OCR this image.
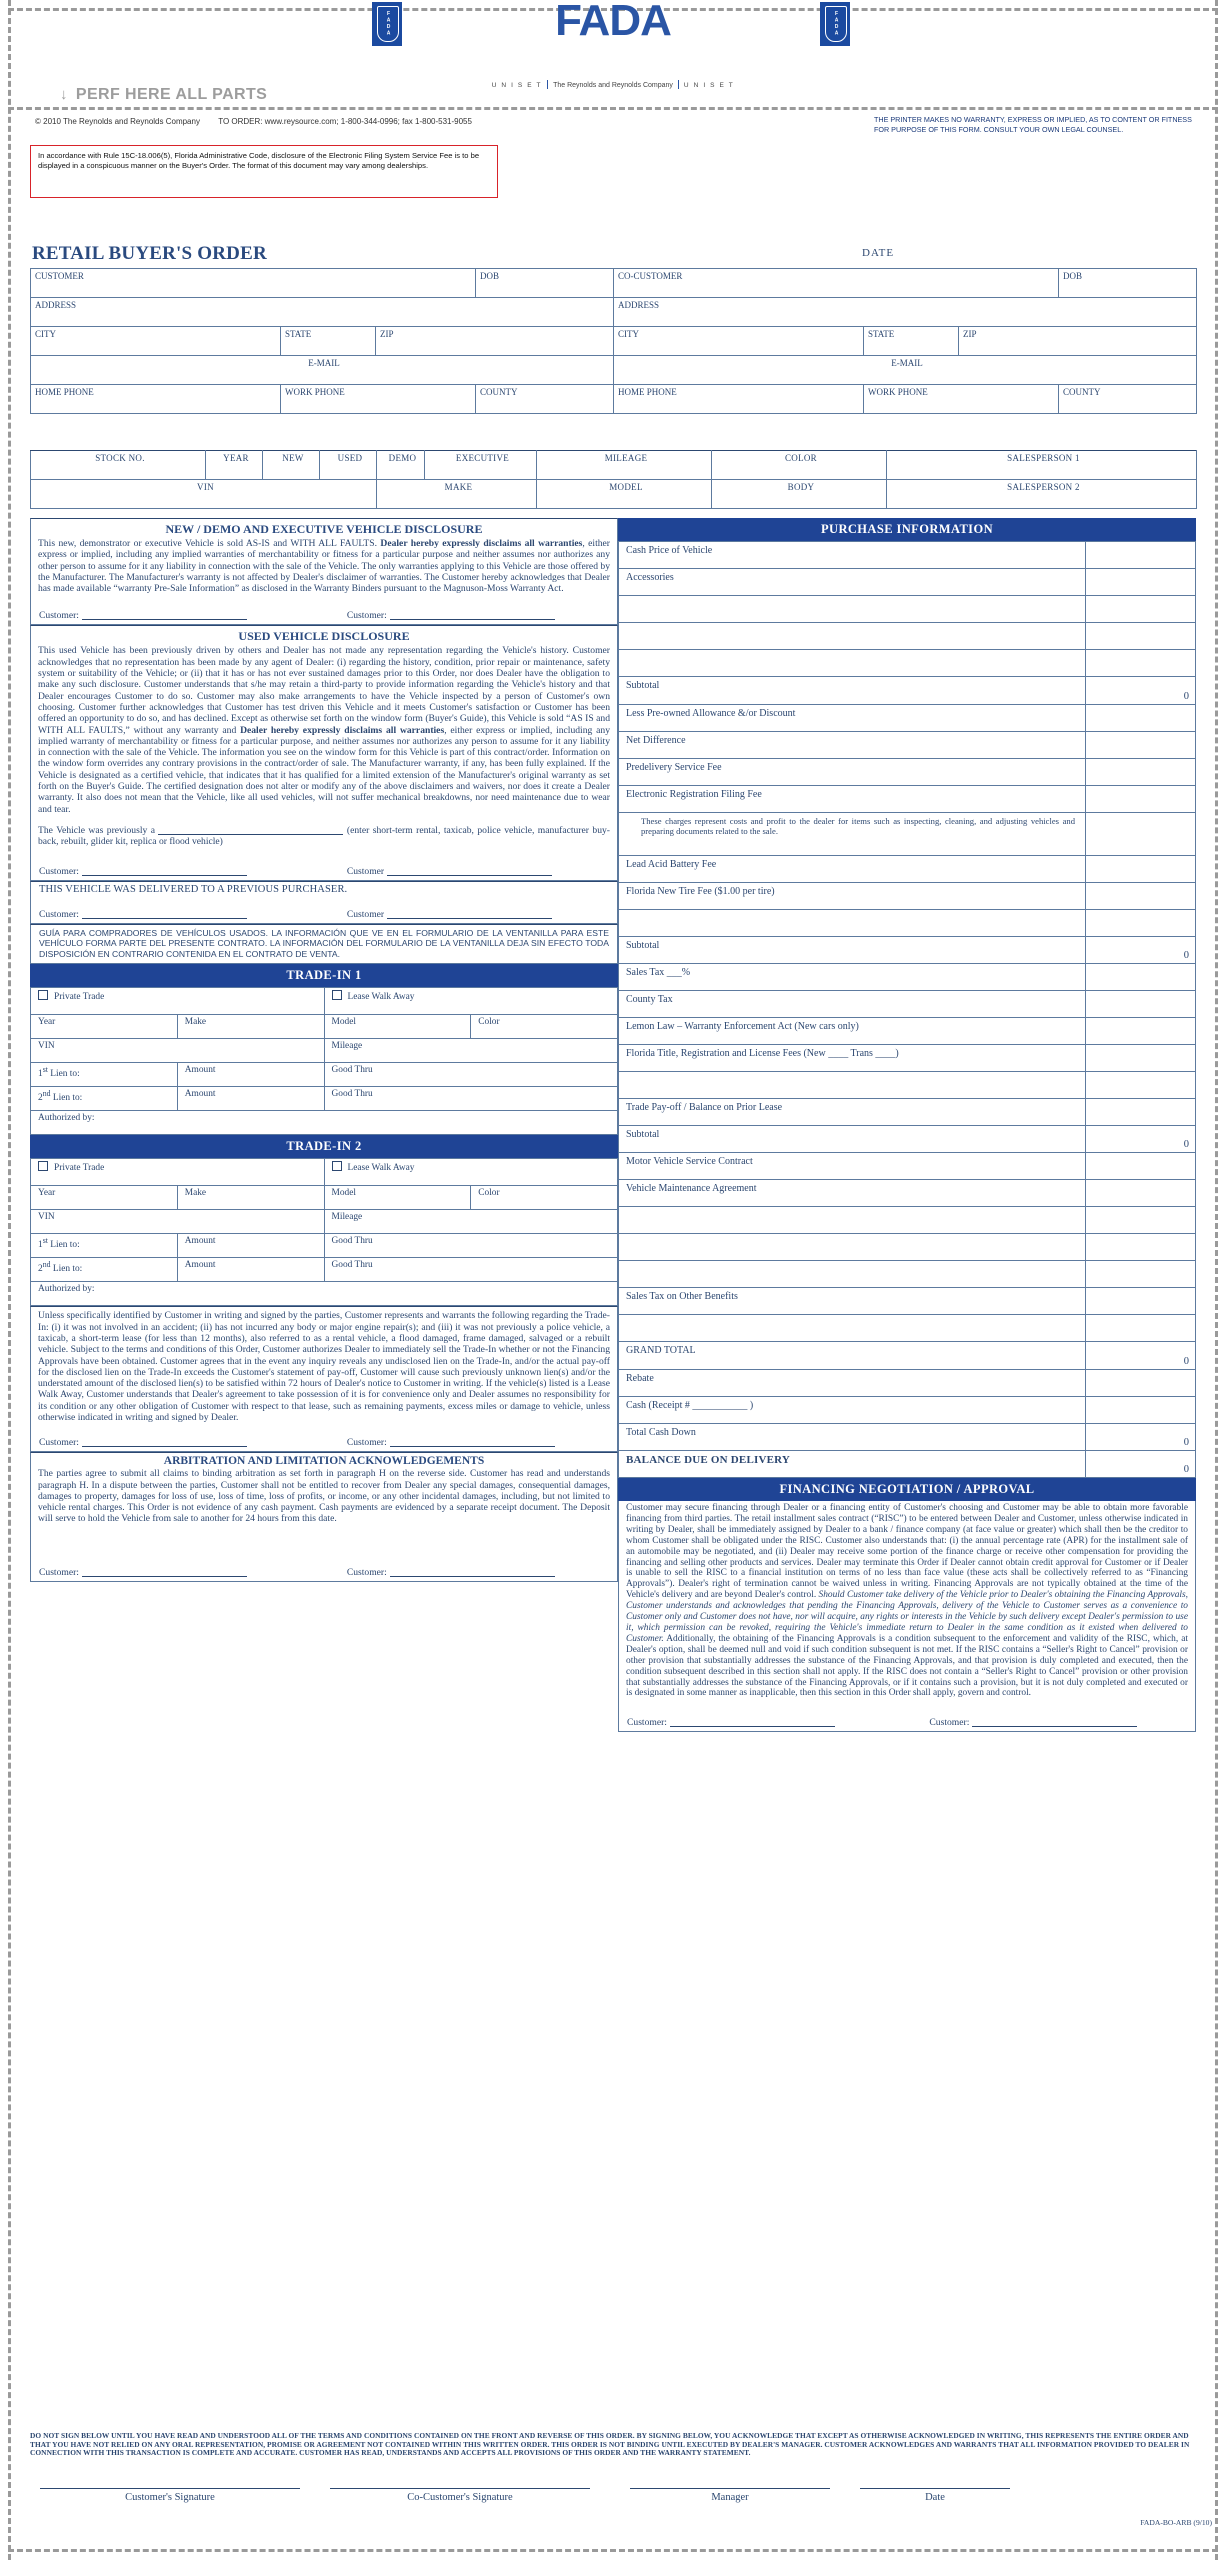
FADA
FADA	FADA
U N I S E T The Reynolds and Reynolds Company U N I S E T
↓ PERF HERE ALL PARTS
© 2010 The Reynolds and Reynolds Company TO ORDER: www.reysource.com; 1-800-344-0996; fax 1-800-531-9055	THE PRINTER MAKES NO WARRANTY, EXPRESS OR IMPLIED, AS TO CONTENT OR FITNESS FOR PURPOSE OF THIS FORM. CONSULT YOUR OWN LEGAL COUNSEL.
In accordance with Rule 15C-18.006(5), Florida Administrative Code, disclosure of the Electronic Filing System Service Fee is to be displayed in a conspicuous manner on the Buyer's Order. The format of this document may vary among dealerships.
RETAIL BUYER'S ORDER	DATE
CUSTOMER			DOB	CO-CUSTOMER			DOB
ADDRESS				ADDRESS			
CITY	STATE	ZIP		CITY	STATE	ZIP	
E-MAIL				E-MAIL			
HOME PHONE	WORK PHONE		COUNTY	HOME PHONE	WORK PHONE		COUNTY
STOCK NO.	YEAR	NEW	USED	DEMO	EXECUTIVE	MILEAGE	COLOR	SALESPERSON 1
VIN				MAKE		MODEL	BODY	SALESPERSON 2
NEW / DEMO AND EXECUTIVE VEHICLE DISCLOSURE
This new, demonstrator or executive Vehicle is sold AS-IS and WITH ALL FAULTS. Dealer hereby expressly disclaims all warranties, either express or implied, including any implied warranties of merchantability or fitness for a particular purpose and neither assumes nor authorizes any other person to assume for it any liability in connection with the sale of the Vehicle. The only warranties applying to this Vehicle are those offered by the Manufacturer. The Manufacturer's warranty is not affected by Dealer's disclaimer of warranties. The Customer hereby acknowledges that Dealer has made available “warranty Pre-Sale Information” as disclosed in the Warranty Binders pursuant to the Magnuson-Moss Warranty Act.
Customer:	Customer:
USED VEHICLE DISCLOSURE
This used Vehicle has been previously driven by others and Dealer has not made any representation regarding the Vehicle's history. Customer acknowledges that no representation has been made by any agent of Dealer: (i) regarding the history, condition, prior repair or maintenance, safety system or suitability of the Vehicle; or (ii) that it has or has not ever sustained damages prior to this Order, nor does Dealer have the obligation to make any such disclosure. Customer understands that s/he may retain a third-party to provide information regarding the Vehicle's history and that Dealer encourages Customer to do so. Customer may also make arrangements to have the Vehicle inspected by a person of Customer's own choosing. Customer further acknowledges that Customer has test driven this Vehicle and it meets Customer's satisfaction or Customer has been offered an opportunity to do so, and has declined. Except as otherwise set forth on the window form (Buyer's Guide), this Vehicle is sold “AS IS and WITH ALL FAULTS,” without any warranty and Dealer hereby expressly disclaims all warranties, either express or implied, including any implied warranty of merchantability or fitness for a particular purpose, and neither assumes nor authorizes any person to assume for it any liability in connection with the sale of the Vehicle. The information you see on the window form for this Vehicle is part of this contract/order. Information on the window form overrides any contrary provisions in the contract/order of sale. The Manufacturer warranty, if any, has been fully explained. If the Vehicle is designated as a certified vehicle, that indicates that it has qualified for a limited extension of the Manufacturer's original warranty as set forth on the Buyer's Guide. The certified designation does not alter or modify any of the above disclaimers and waivers, nor does it create a Dealer warranty. It also does not mean that the Vehicle, like all used vehicles, will not suffer mechanical breakdowns, nor need maintenance due to wear and tear.
The Vehicle was previously a	(enter short-term rental, taxicab, police vehicle, manufacturer buy-back, rebuilt, glider kit, replica or flood vehicle)
Customer:	Customer
THIS VEHICLE WAS DELIVERED TO A PREVIOUS PURCHASER.
Customer:	Customer
GUÍA PARA COMPRADORES DE VEHÍCULOS USADOS. LA INFORMACIÓN QUE VE EN EL FORMULARIO DE LA VENTANILLA PARA ESTE VEHÍCULO FORMA PARTE DEL PRESENTE CONTRATO. LA INFORMACIÓN DEL FORMULARIO DE LA VENTANILLA DEJA SIN EFECTO TODA DISPOSICIÓN EN CONTRARIO CONTENIDA EN EL CONTRATO DE VENTA.
TRADE-IN 1
Private Trade		Lease Walk Away	
Year	Make	Model	Color
VIN		Mileage	
1st Lien to:	Amount	Good Thru	
2nd Lien to:	Amount	Good Thru	
Authorized by:			
TRADE-IN 2
Private Trade		Lease Walk Away	
Year	Make	Model	Color
VIN		Mileage	
1st Lien to:	Amount	Good Thru	
2nd Lien to:	Amount	Good Thru	
Authorized by:			
Unless specifically identified by Customer in writing and signed by the parties, Customer represents and warrants the following regarding the Trade-In: (i) it was not involved in an accident; (ii) has not incurred any body or major engine repair(s); and (iii) it was not previously a police vehicle, a taxicab, a short-term lease (for less than 12 months), also referred to as a rental vehicle, a flood damaged, frame damaged, salvaged or a rebuilt vehicle. Subject to the terms and conditions of this Order, Customer authorizes Dealer to immediately sell the Trade-In whether or not the Financing Approvals have been obtained. Customer agrees that in the event any inquiry reveals any undisclosed lien on the Trade-In, and/or the actual pay-off for the disclosed lien on the Trade-In exceeds the Customer's statement of pay-off, Customer will cause such previously unknown lien(s) and/or the understated amount of the disclosed lien(s) to be satisfied within 72 hours of Dealer's notice to Customer in writing. If the vehicle(s) listed is a Lease Walk Away, Customer understands that Dealer's agreement to take possession of it is for convenience only and Dealer assumes no responsibility for its condition or any other obligation of Customer with respect to that lease, such as remaining payments, excess miles or damage to vehicle, unless otherwise indicated in writing and signed by Dealer.
Customer:	Customer:
ARBITRATION AND LIMITATION ACKNOWLEDGEMENTS
The parties agree to submit all claims to binding arbitration as set forth in paragraph H on the reverse side. Customer has read and understands paragraph H. In a dispute between the parties, Customer shall not be entitled to recover from Dealer any special damages, consequential damages, damages to property, damages for loss of use, loss of time, loss of profits, or income, or any other incidental damages, including, but not limited to vehicle rental charges. This Order is not evidence of any cash payment. Cash payments are evidenced by a separate receipt document. The Deposit will serve to hold the Vehicle from sale to another for 24 hours from this date.
Customer:	Customer:
PURCHASE INFORMATION
Cash Price of Vehicle	
Accessories	

Subtotal	0
Less Pre-owned Allowance &/or Discount	
Net Difference	
Predelivery Service Fee	
Electronic Registration Filing Fee	
These charges represent costs and profit to the dealer for items such as inspecting, cleaning, and adjusting vehicles and preparing documents related to the sale.	
Lead Acid Battery Fee	
Florida New Tire Fee ($1.00 per tire)	

Subtotal	0
Sales Tax ___%	
County Tax	
Lemon Law – Warranty Enforcement Act (New cars only)	
Florida Title, Registration and License Fees (New ____ Trans ____)	

Trade Pay-off / Balance on Prior Lease	
Subtotal	0
Motor Vehicle Service Contract	
Vehicle Maintenance Agreement	

Sales Tax on Other Benefits	

GRAND TOTAL	0
Rebate	
Cash (Receipt # ___________ )	
Total Cash Down	0
BALANCE DUE ON DELIVERY	0
FINANCING NEGOTIATION / APPROVAL
Customer may secure financing through Dealer or a financing entity of Customer's choosing and Customer may be able to obtain more favorable financing from third parties. The retail installment sales contract (“RISC”) to be entered between Dealer and Customer, unless otherwise indicated in writing by Dealer, shall be immediately assigned by Dealer to a bank / finance company (at face value or greater) which shall then be the creditor to whom Customer shall be obligated under the RISC. Customer also understands that: (i) the annual percentage rate (APR) for the installment sale of an automobile may be negotiated, and (ii) Dealer may receive some portion of the finance charge or receive other compensation for providing the financing and selling other products and services. Dealer may terminate this Order if Dealer cannot obtain credit approval for Customer or if Dealer is unable to sell the RISC to a financial institution on terms of no less than face value (these acts shall be collectively referred to as “Financing Approvals”). Dealer's right of termination cannot be waived unless in writing. Financing Approvals are not typically obtained at the time of the Vehicle's delivery and are beyond Dealer's control. Should Customer take delivery of the Vehicle prior to Dealer's obtaining the Financing Approvals, Customer understands and acknowledges that pending the Financing Approvals, delivery of the Vehicle to Customer serves as a convenience to Customer only and Customer does not have, nor will acquire, any rights or interests in the Vehicle by such delivery except Dealer's permission to use it, which permission can be revoked, requiring the Vehicle's immediate return to Dealer in the same condition as it existed when delivered to Customer. Additionally, the obtaining of the Financing Approvals is a condition subsequent to the enforcement and validity of the RISC, which, at Dealer's option, shall be deemed null and void if such condition subsequent is not met. If the RISC contains a “Seller's Right to Cancel” provision or other provision that substantially addresses the substance of the Financing Approvals, and that provision is duly completed and executed, then the condition subsequent described in this section shall not apply. If the RISC does not contain a “Seller's Right to Cancel” provision or other provision that substantially addresses the substance of the Financing Approvals, or if it contains such a provision, but it is not duly completed and executed or is designated in some manner as inapplicable, then this section in this Order shall apply, govern and control.
Customer:	Customer:
DO NOT SIGN BELOW UNTIL YOU HAVE READ AND UNDERSTOOD ALL OF THE TERMS AND CONDITIONS CONTAINED ON THE FRONT AND REVERSE OF THIS ORDER. BY SIGNING BELOW, YOU ACKNOWLEDGE THAT EXCEPT AS OTHERWISE ACKNOWLEDGED IN WRITING, THIS REPRESENTS THE ENTIRE ORDER AND THAT YOU HAVE NOT RELIED ON ANY ORAL REPRESENTATION, PROMISE OR AGREEMENT NOT CONTAINED WITHIN THIS WRITTEN ORDER. THIS ORDER IS NOT BINDING UNTIL EXECUTED BY DEALER'S MANAGER. CUSTOMER ACKNOWLEDGES AND WARRANTS THAT ALL INFORMATION PROVIDED TO DEALER IN CONNECTION WITH THIS TRANSACTION IS COMPLETE AND ACCURATE. CUSTOMER HAS READ, UNDERSTANDS AND ACCEPTS ALL PROVISIONS OF THIS ORDER AND THE WARRANTY STATEMENT.
Customer's Signature	Co-Customer's Signature	Manager	Date
FADA-BO-ARB (9/10)
